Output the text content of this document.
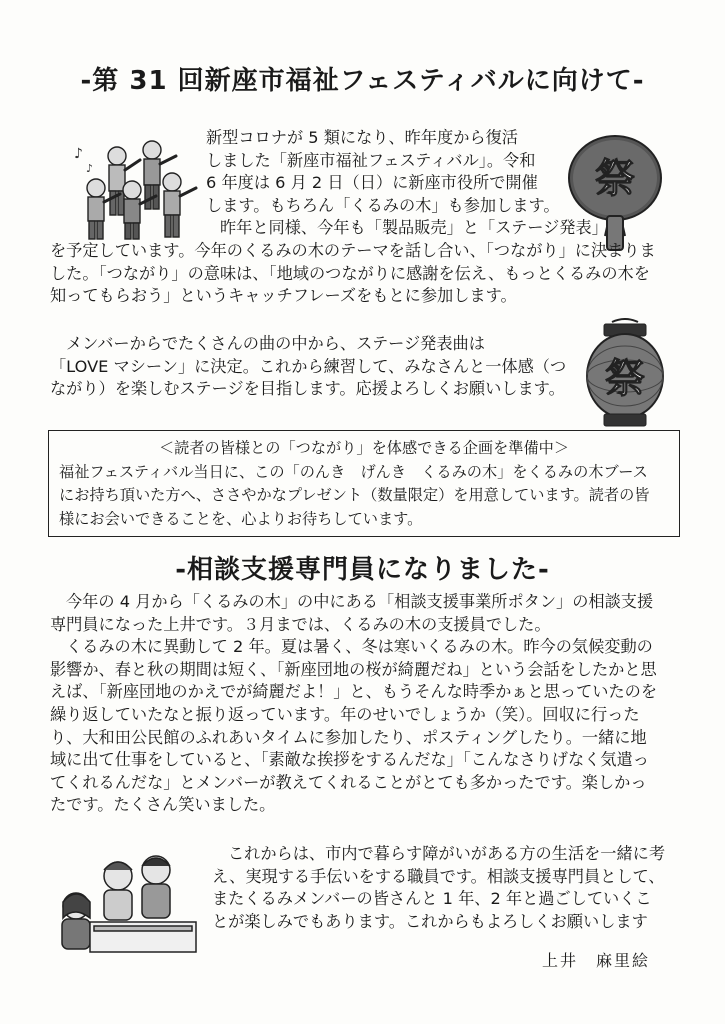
-第 31 回新座市福祉フェスティバルに向けて-
♪
♪	祭
新型コロナが 5 類になり、昨年度から復活
しました「新座市福祉フェスティバル」。令和
6 年度は 6 月 2 日（日）に新座市役所で開催
します。もちろん「くるみの木」も参加します。
昨年と同様、今年も「製品販売」と「ステージ発表」
を予定しています。今年のくるみの木のテーマを話し合い、「つながり」に決まりま
した。「つながり」の意味は、「地域のつながりに感謝を伝え、もっとくるみの木を
知ってもらおう」というキャッチフレーズをもとに参加します。
メンバーからでたくさんの曲の中から、ステージ発表曲は
「LOVE マシーン」に決定。これから練習して、みなさんと一体感（つ
ながり）を楽しむステージを目指します。応援よろしくお願いします。	祭
＜読者の皆様との「つながり」を体感できる企画を準備中＞
福祉フェスティバル当日に、この「のんき　げんき　くるみの木」をくるみの木ブース
にお持ち頂いた方へ、ささやかなプレゼント（数量限定）を用意しています。読者の皆
様にお会いできることを、心よりお待ちしています。
-相談支援専門員になりました-
今年の 4 月から「くるみの木」の中にある「相談支援事業所ポタン」の相談支援
専門員になった上井です。３月までは、くるみの木の支援員でした。
くるみの木に異動して 2 年。夏は暑く、冬は寒いくるみの木。昨今の気候変動の
影響か、春と秋の期間は短く、「新座団地の桜が綺麗だね」という会話をしたかと思
えば、「新座団地のかえでが綺麗だよ！」と、もうそんな時季かぁと思っていたのを
繰り返していたなと振り返っています。年のせいでしょうか（笑）。回収に行った
り、大和田公民館のふれあいタイムに参加したり、ポスティングしたり。一緒に地
域に出て仕事をしていると、「素敵な挨拶をするんだな」「こんなさりげなく気遣っ
てくれるんだな」とメンバーが教えてくれることがとても多かったです。楽しかっ
たです。たくさん笑いました。
これからは、市内で暮らす障がいがある方の生活を一緒に考
え、実現する手伝いをする職員です。相談支援専門員として、
またくるみメンバーの皆さんと 1 年、2 年と過ごしていくこ
とが楽しみでもあります。これからもよろしくお願いします
上井　麻里絵
